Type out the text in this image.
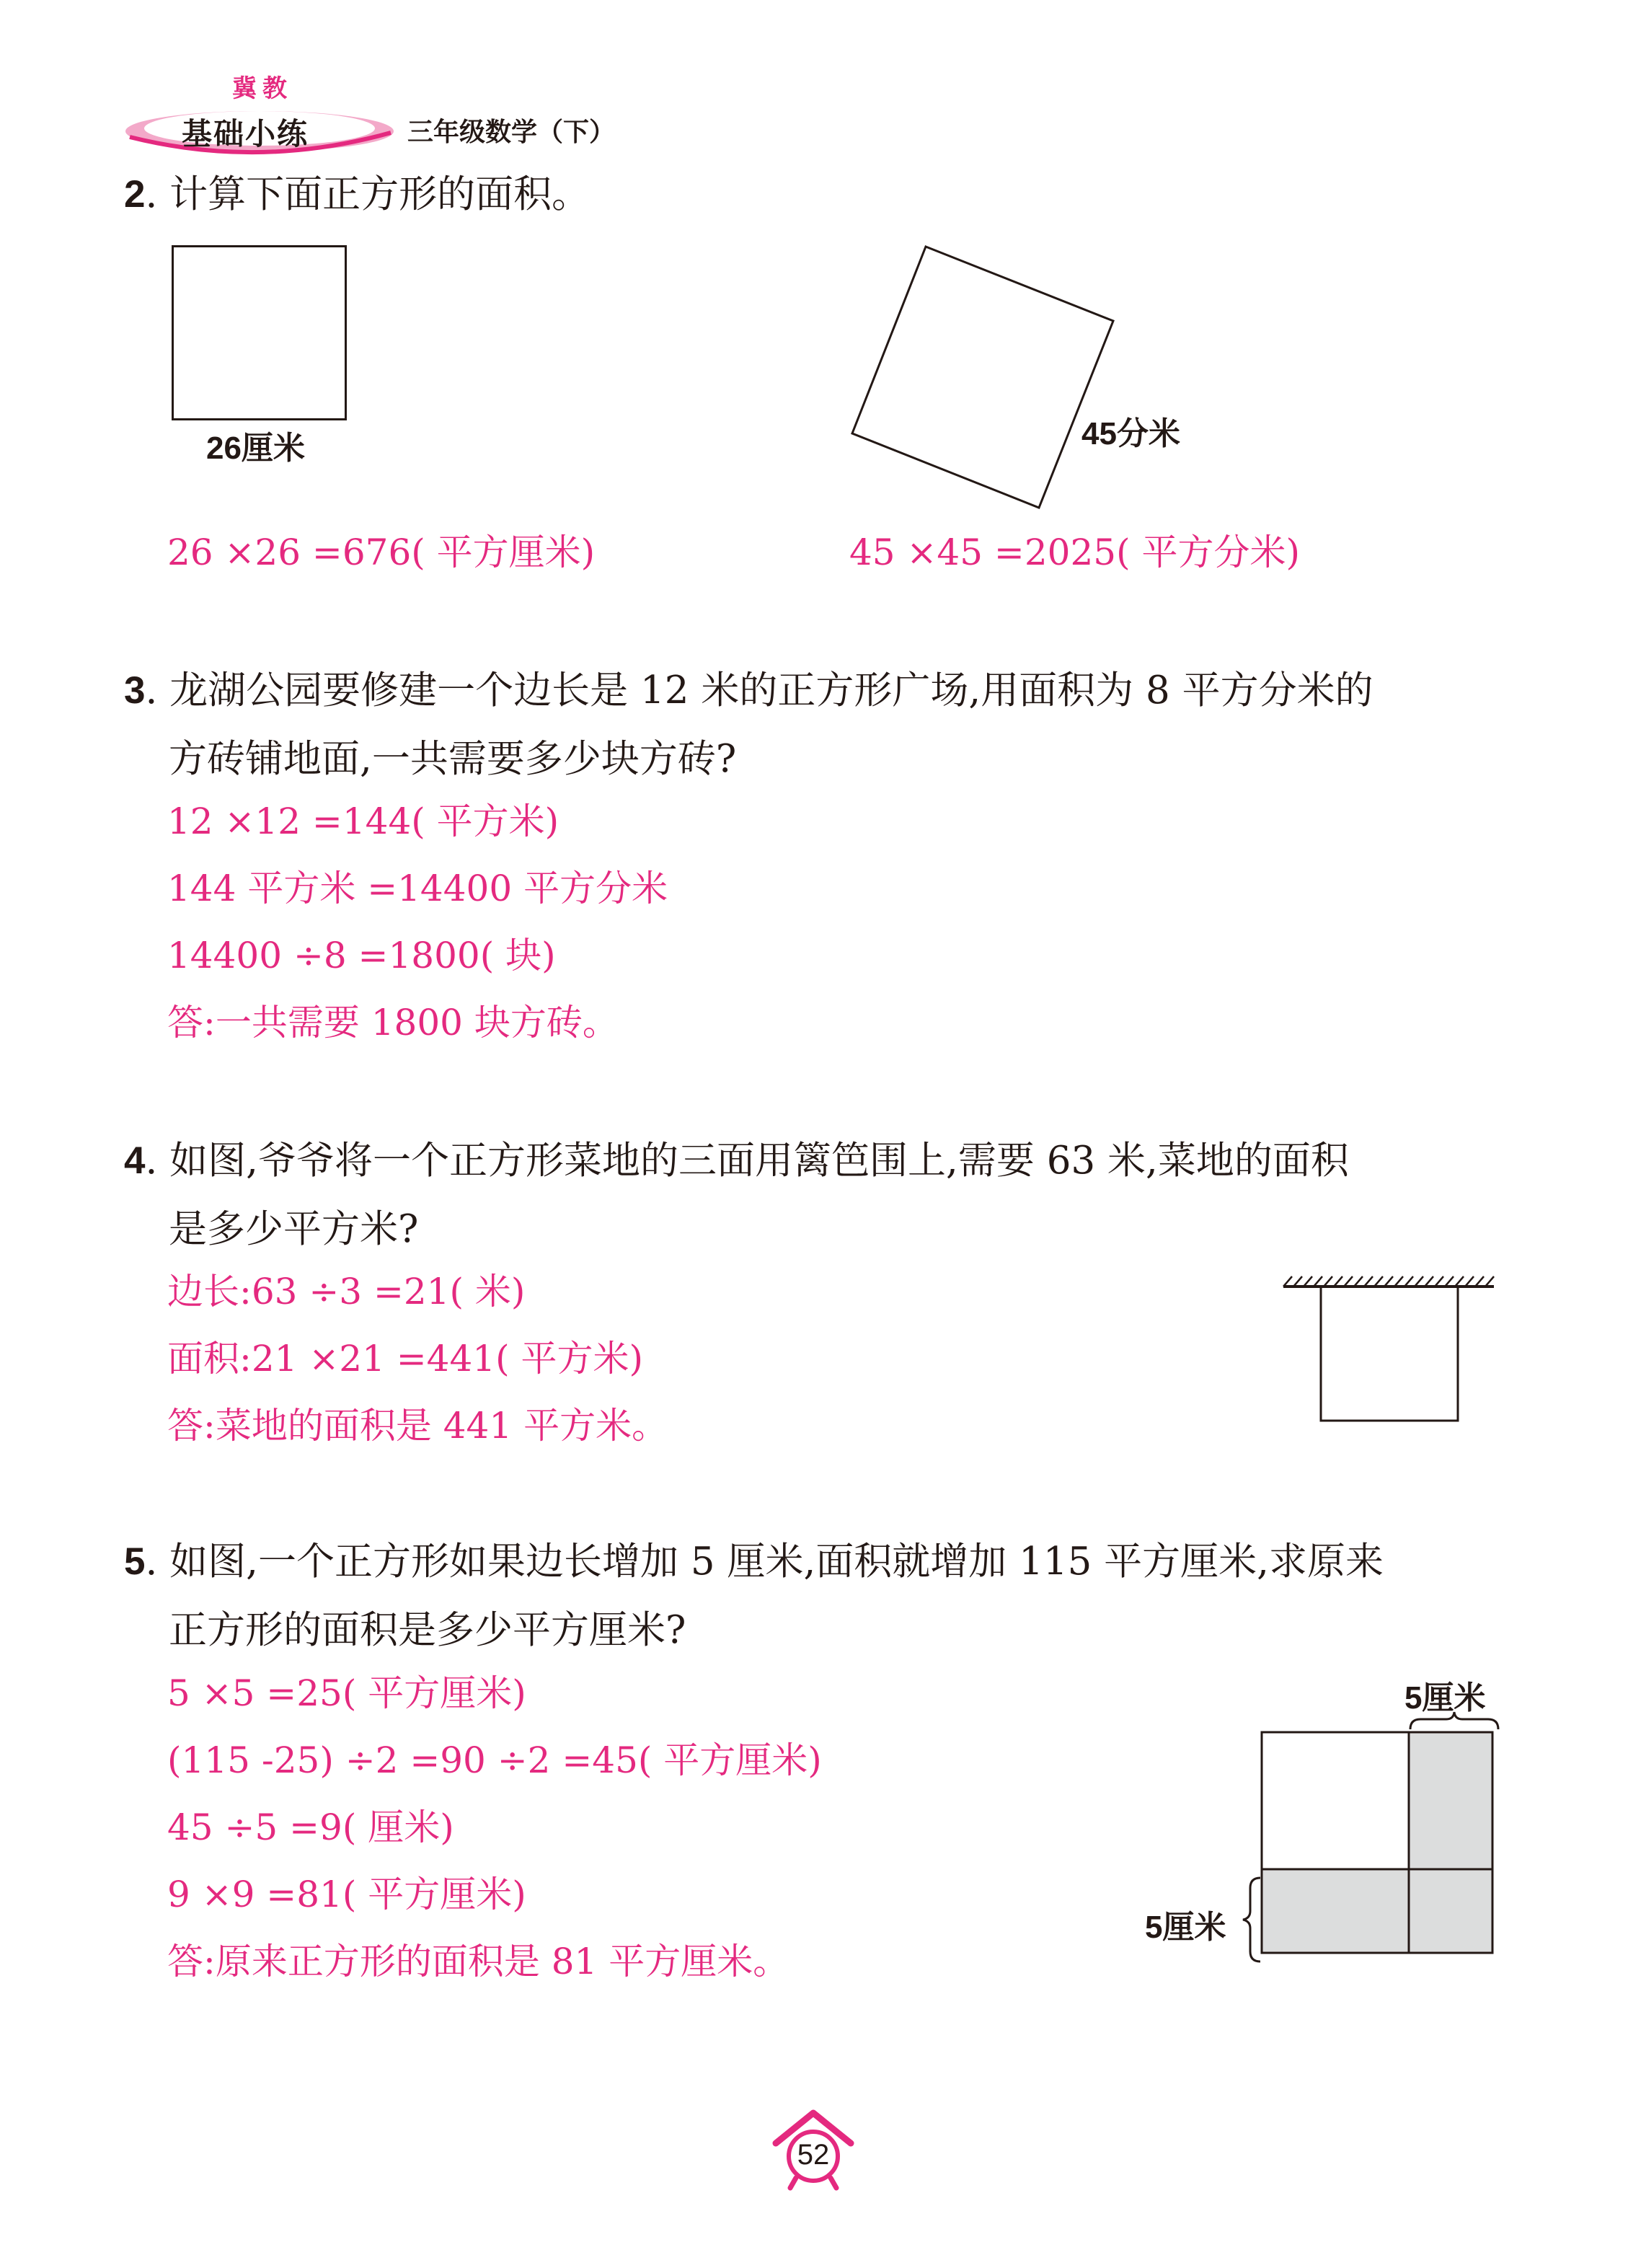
冀教
基础小练	三年级数学（下）
2. 计算下面正方形的面积。
26厘米	45分米
26 ×26 =676( 平方厘米)	45 ×45 =2025( 平方分米)
3. 龙湖公园要修建一个边长是 12 米的正方形广场,用面积为 8 平方分米的
方砖铺地面,一共需要多少块方砖?
12 ×12 =144( 平方米)
144 平方米 =14400 平方分米
14400 ÷8 =1800( 块)
答:一共需要 1800 块方砖。
4. 如图,爷爷将一个正方形菜地的三面用篱笆围上,需要 63 米,菜地的面积
是多少平方米?
边长:63 ÷3 =21( 米)
面积:21 ×21 =441( 平方米)
答:菜地的面积是 441 平方米。
5. 如图,一个正方形如果边长增加 5 厘米,面积就增加 115 平方厘米,求原来
正方形的面积是多少平方厘米?
5 ×5 =25( 平方厘米)
(115 -25) ÷2 =90 ÷2 =45( 平方厘米)
45 ÷5 =9( 厘米)
9 ×9 =81( 平方厘米)
答:原来正方形的面积是 81 平方厘米。
5厘米
5厘米
52
